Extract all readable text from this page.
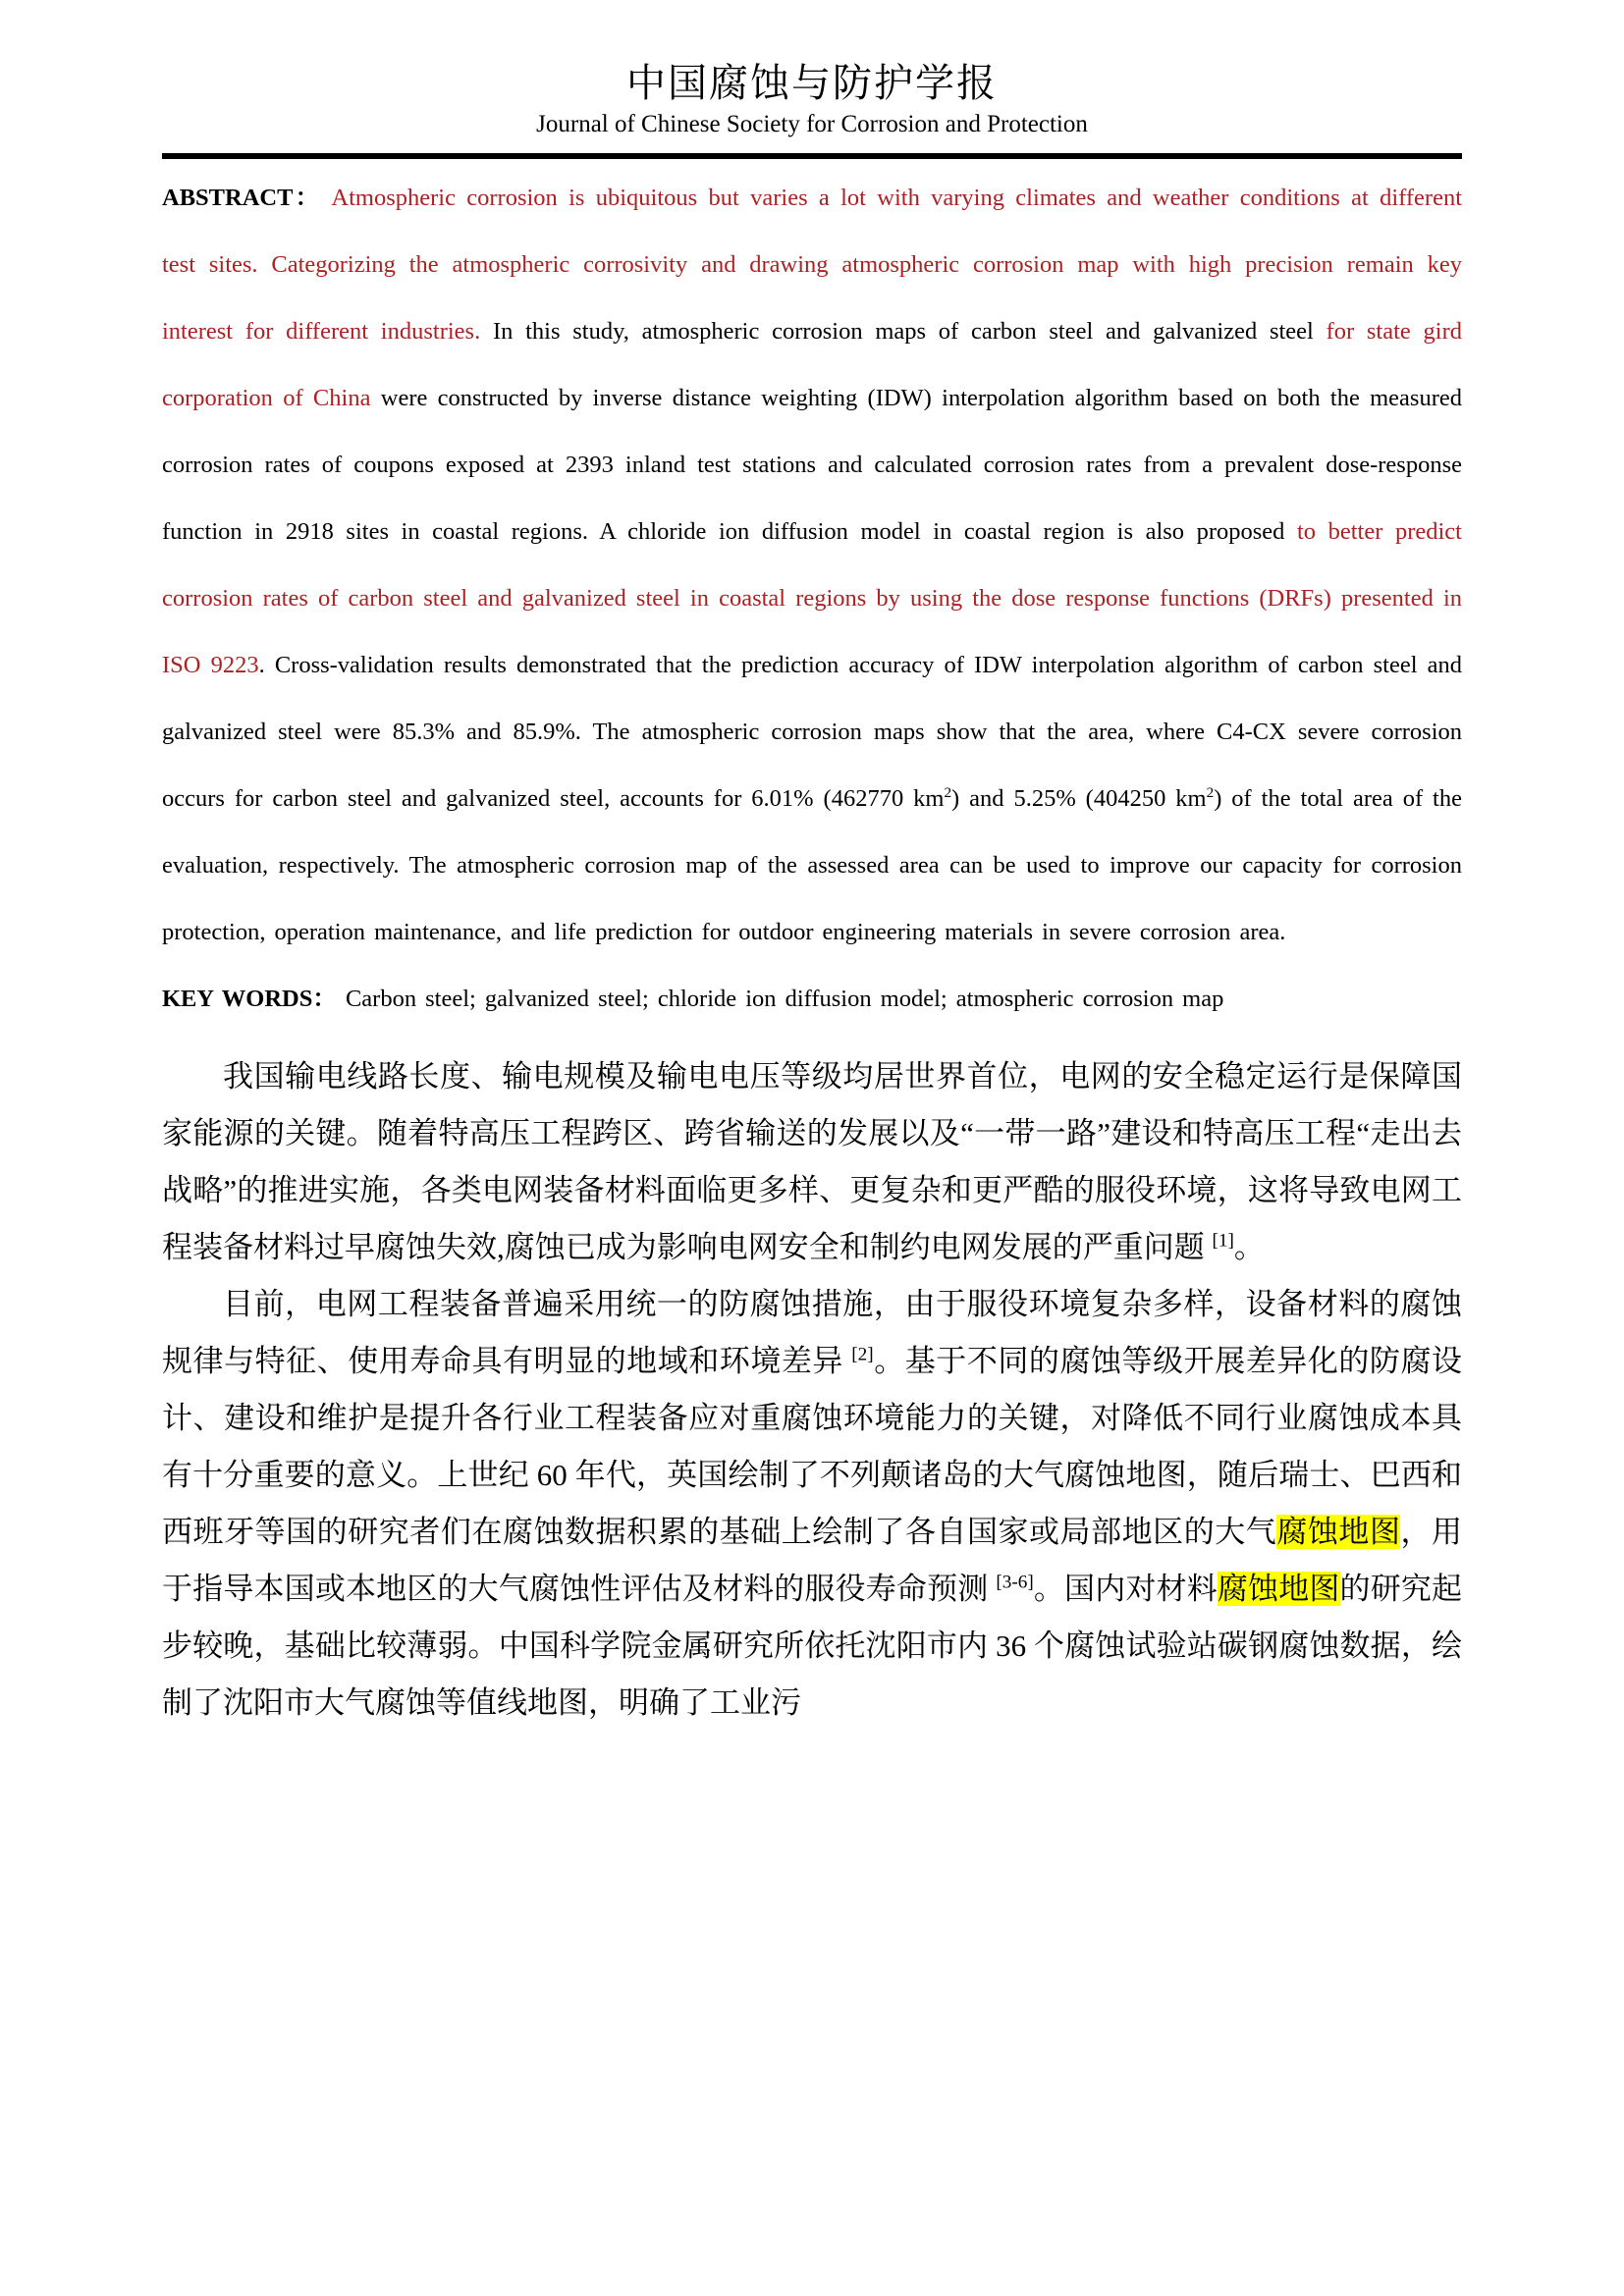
中国腐蚀与防护学报
Journal of Chinese Society for Corrosion and Protection

ABSTRACT： Atmospheric corrosion is ubiquitous but varies a lot with varying climates and weather conditions at different test sites. Categorizing the atmospheric corrosivity and drawing atmospheric corrosion map with high precision remain key interest for different industries. In this study, atmospheric corrosion maps of carbon steel and galvanized steel for state gird corporation of China were constructed by inverse distance weighting (IDW) interpolation algorithm based on both the measured corrosion rates of coupons exposed at 2393 inland test stations and calculated corrosion rates from a prevalent dose-response function in 2918 sites in coastal regions. A chloride ion diffusion model in coastal region is also proposed to better predict corrosion rates of carbon steel and galvanized steel in coastal regions by using the dose response functions (DRFs) presented in ISO 9223. Cross-validation results demonstrated that the prediction accuracy of IDW interpolation algorithm of carbon steel and galvanized steel were 85.3% and 85.9%. The atmospheric corrosion maps show that the area, where C4-CX severe corrosion occurs for carbon steel and galvanized steel, accounts for 6.01% (462770 $km^2$) and 5.25% (404250 $km^2$) of the total area of the evaluation, respectively. The atmospheric corrosion map of the assessed area can be used to improve our capacity for corrosion protection, operation maintenance, and life prediction for outdoor engineering materials in severe corrosion area.

KEY WORDS： Carbon steel; galvanized steel; chloride ion diffusion model; atmospheric corrosion map

我国输电线路长度、输电规模及输电电压等级均居世界首位，电网的安全稳定运行是保障国家能源的关键。随着特高压工程跨区、跨省输送的发展以及“一带一路”建设和特高压工程“走出去战略”的推进实施，各类电网装备材料面临更多样、更复杂和更严酷的服役环境，这将导致电网工程装备材料过早腐蚀失效,腐蚀已成为影响电网安全和制约电网发展的严重问题 [1]。

目前，电网工程装备普遍采用统一的防腐蚀措施，由于服役环境复杂多样，设备材料的腐蚀规律与特征、使用寿命具有明显的地域和环境差异 [2]。基于不同的腐蚀等级开展差异化的防腐设计、建设和维护是提升各行业工程装备应对重腐蚀环境能力的关键，对降低不同行业腐蚀成本具有十分重要的意义。上世纪 60 年代，英国绘制了不列颠诸岛的大气腐蚀地图，随后瑞士、巴西和西班牙等国的研究者们在腐蚀数据积累的基础上绘制了各自国家或局部地区的大气腐蚀地图，用于指导本国或本地区的大气腐蚀性评估及材料的服役寿命预测 [3-6]。国内对材料腐蚀地图的研究起步较晚，基础比较薄弱。中国科学院金属研究所依托沈阳市内 36 个腐蚀试验站碳钢腐蚀数据，绘制了沈阳市大气腐蚀等值线地图，明确了工业污
